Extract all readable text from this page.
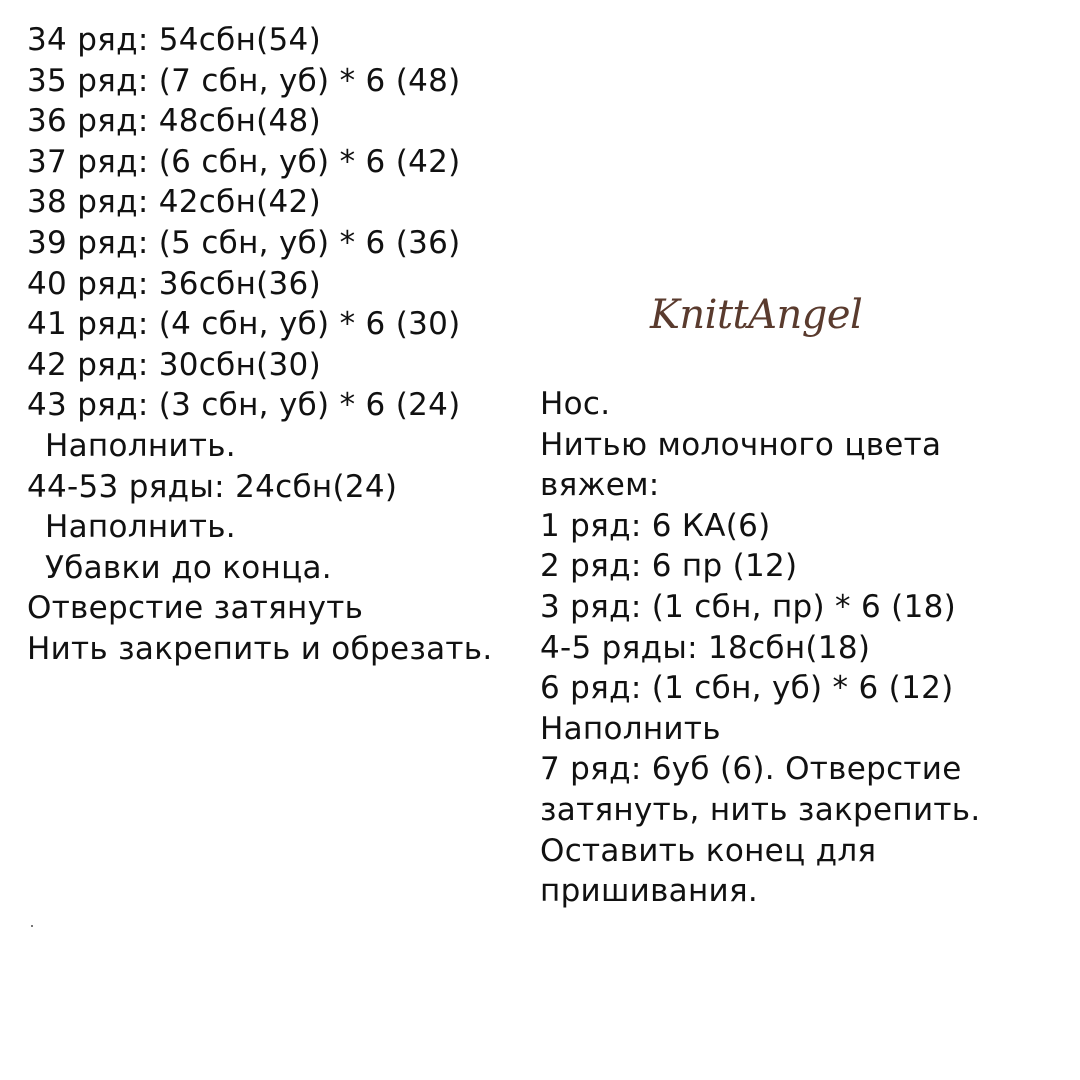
34 ряд: 54сбн(54)
35 ряд: (7 сбн, уб) * 6 (48)
36 ряд: 48сбн(48)
37 ряд: (6 сбн, уб) * 6 (42)
38 ряд: 42сбн(42)
39 ряд: (5 сбн, уб) * 6 (36)
40 ряд: 36сбн(36)
41 ряд: (4 сбн, уб) * 6 (30)
42 ряд: 30сбн(30)
43 ряд: (3 сбн, уб) * 6 (24)
Наполнить.
44-53 ряды: 24сбн(24)
Наполнить.
Убавки до конца.
Отверстие затянуть
Нить закрепить и обрезать.
KnittAngel
Нос.
Нитью молочного цвета
вяжем:
1 ряд: 6 КА(6)
2 ряд: 6 пр (12)
3 ряд: (1 сбн, пр) * 6 (18)
4-5 ряды: 18сбн(18)
6 ряд: (1 сбн, уб) * 6 (12)
Наполнить
7 ряд: 6уб (6). Отверстие
затянуть, нить закрепить.
Оставить конец для
пришивания.
